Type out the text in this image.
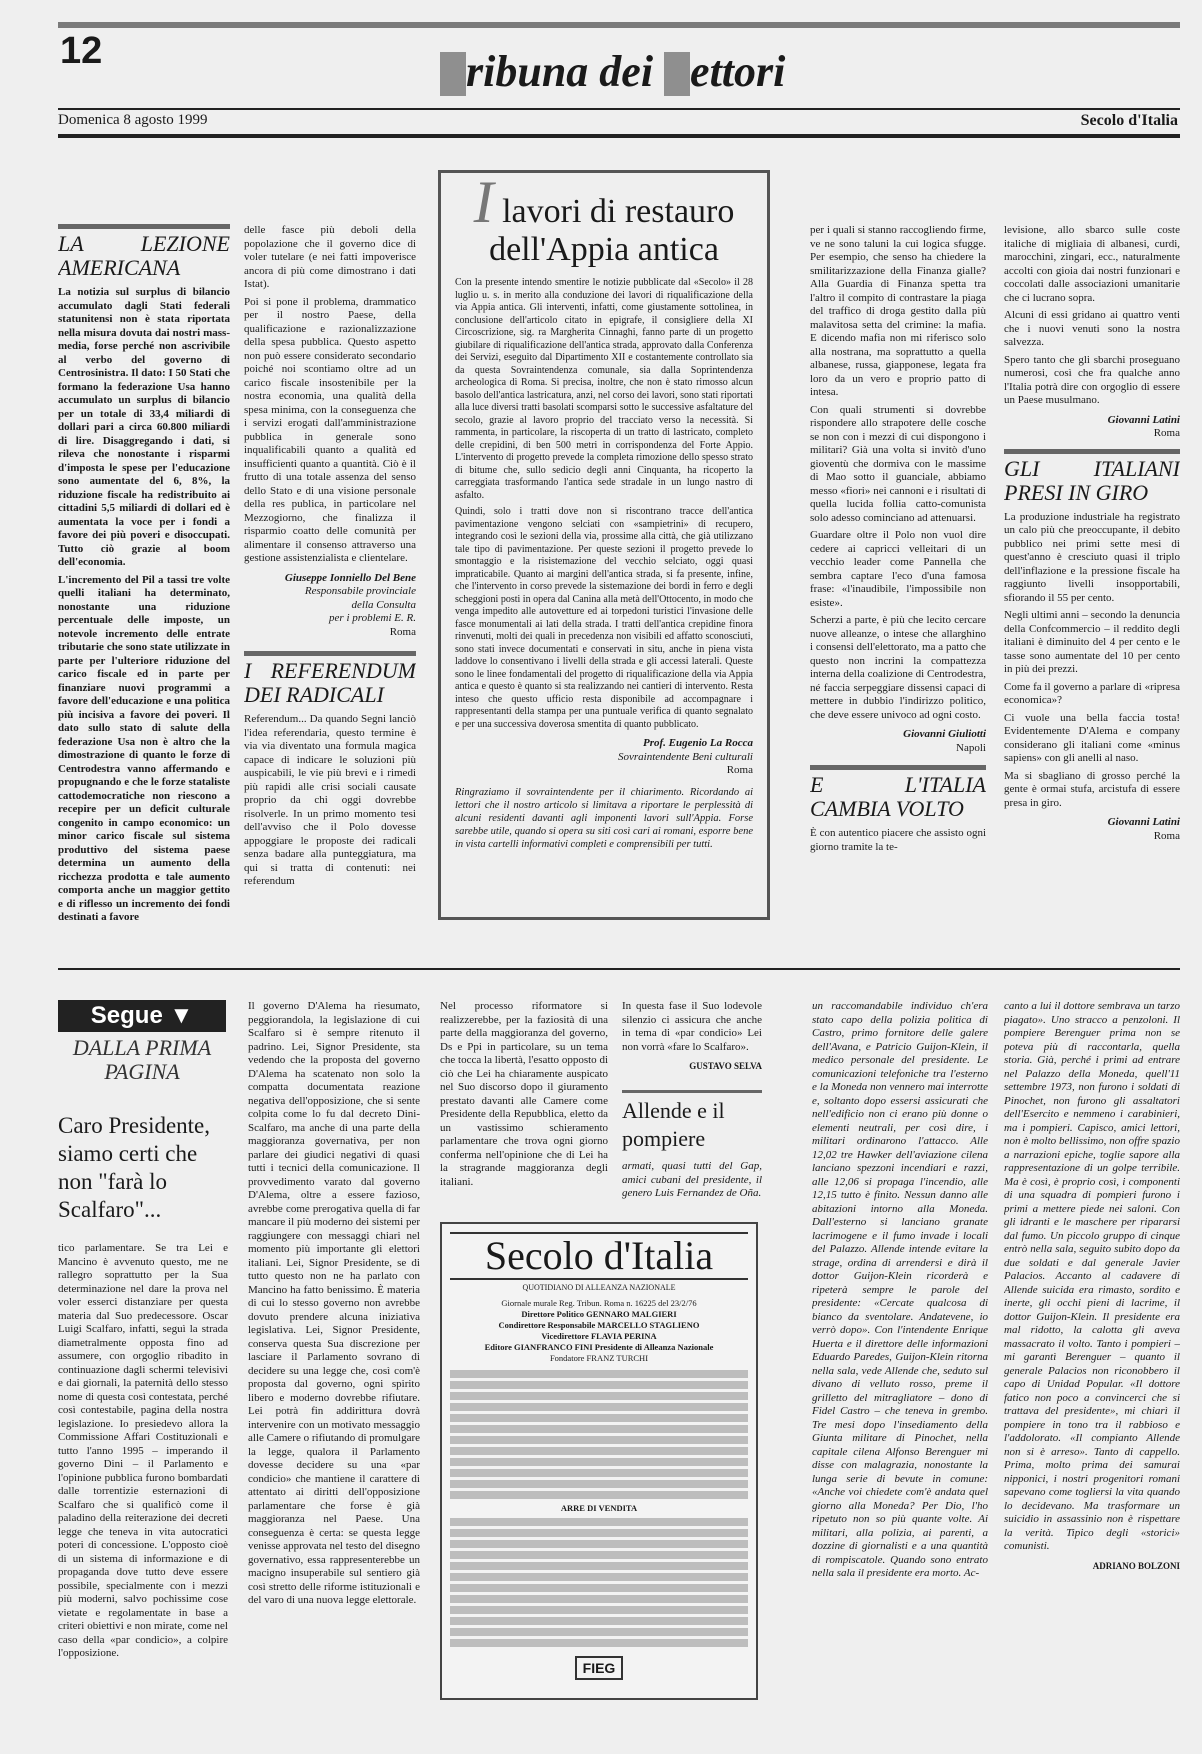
12	ribuna dei ettori
Domenica 8 agosto 1999	Secolo d'Italia
LA LEZIONE AMERICANA

La notizia sul surplus di bilancio accumulato dagli Stati federali statunitensi non è stata riportata nella misura dovuta dai nostri mass-media, forse perché non ascrivibile al verbo del governo di Centrosinistra. Il dato: I 50 Stati che formano la federazione Usa hanno accumulato un surplus di bilancio per un totale di 33,4 miliardi di dollari pari a circa 60.800 miliardi di lire. Disaggregando i dati, si rileva che nonostante i risparmi d'imposta le spese per l'educazione sono aumentate del 6, 8%, la riduzione fiscale ha redistribuito ai cittadini 5,5 miliardi di dollari ed è aumentata la voce per i fondi a favore dei più poveri e disoccupati. Tutto ciò grazie al boom dell'economia.

L'incremento del Pil a tassi tre volte quelli italiani ha determinato, nonostante una riduzione percentuale delle imposte, un notevole incremento delle entrate tributarie che sono state utilizzate in parte per l'ulteriore riduzione del carico fiscale ed in parte per finanziare nuovi programmi a favore dell'educazione e una politica più incisiva a favore dei poveri. Il dato sullo stato di salute della federazione Usa non è altro che la dimostrazione di quanto le forze di Centrodestra vanno affermando e propugnando e che le forze stataliste cattodemocratiche non riescono a recepire per un deficit culturale congenito in campo economico: un minor carico fiscale sul sistema produttivo del sistema paese determina un aumento della ricchezza prodotta e tale aumento comporta anche un maggior gettito e di riflesso un incremento dei fondi destinati a favore

delle fasce più deboli della popolazione che il governo dice di voler tutelare (e nei fatti impoverisce ancora di più come dimostrano i dati Istat).

Poi si pone il problema, drammatico per il nostro Paese, della qualificazione e razionalizzazione della spesa pubblica. Questo aspetto non può essere considerato secondario poiché noi scontiamo oltre ad un carico fiscale insostenibile per la nostra economia, una qualità della spesa minima, con la conseguenza che i servizi erogati dall'amministrazione pubblica in generale sono inqualificabili quanto a qualità ed insufficienti quanto a quantità. Ciò è il frutto di una totale assenza del senso dello Stato e di una visione personale della res publica, in particolare nel Mezzogiorno, che finalizza il risparmio coatto delle comunità per alimentare il consenso attraverso una gestione assistenzialista e clientelare.

Giuseppe Ionniello Del Bene
Responsabile provinciale
della Consulta
per i problemi E. R.
Roma
I REFERENDUM DEI RADICALI

Referendum... Da quando Segni lanciò l'idea referendaria, questo termine è via via diventato una formula magica capace di indicare le soluzioni più auspicabili, le vie più brevi e i rimedi più rapidi alle crisi sociali causate proprio da chi oggi dovrebbe risolverle. In un primo momento tesi dell'avviso che il Polo dovesse appoggiare le proposte dei radicali senza badare alla punteggiatura, ma qui si tratta di contenuti: nei referendum

I lavori di restauro
dell'Appia antica

Con la presente intendo smentire le notizie pubblicate dal «Secolo» il 28 luglio u. s. in merito alla conduzione dei lavori di riqualificazione della via Appia antica. Gli interventi, infatti, come giustamente sottolinea, in conclusione dell'articolo citato in epigrafe, il consigliere della XI Circoscrizione, sig. ra Margherita Cinnaghi, fanno parte di un progetto giubilare di riqualificazione dell'antica strada, approvato dalla Conferenza dei Servizi, eseguito dal Dipartimento XII e costantemente controllato sia da questa Sovraintendenza comunale, sia dalla Soprintendenza archeologica di Roma. Si precisa, inoltre, che non è stato rimosso alcun basolo dell'antica lastricatura, anzi, nel corso dei lavori, sono stati riportati alla luce diversi tratti basolati scomparsi sotto le successive asfaltature del secolo, grazie al lavoro proprio del tracciato verso la necessità. Si rammenta, in particolare, la riscoperta di un tratto di lastricato, completo delle crepidini, di ben 500 metri in corrispondenza del Forte Appio. L'intervento di progetto prevede la completa rimozione dello spesso strato di bitume che, sullo sedicio degli anni Cinquanta, ha ricoperto la carreggiata trasformando l'antica sede stradale in un lungo nastro di asfalto.

Quindi, solo i tratti dove non si riscontrano tracce dell'antica pavimentazione vengono selciati con «sampietrini» di recupero, integrando così le sezioni della via, prossime alla città, che già utilizzano tale tipo di pavimentazione. Per queste sezioni il progetto prevede lo smontaggio e la risistemazione del vecchio selciato, oggi quasi impraticabile. Quanto ai margini dell'antica strada, si fa presente, infine, che l'intervento in corso prevede la sistemazione dei bordi in ferro e degli scheggioni posti in opera dal Canina alla metà dell'Ottocento, in modo che venga impedito alle autovetture ed ai torpedoni turistici l'invasione delle fasce monumentali ai lati della strada. I tratti dell'antica crepidine finora rinvenuti, molti dei quali in precedenza non visibili ed affatto sconosciuti, sono stati invece documentati e conservati in situ, anche in piena vista laddove lo consentivano i livelli della strada e gli accessi laterali. Queste sono le linee fondamentali del progetto di riqualificazione della via Appia antica e questo è quanto si sta realizzando nei cantieri di intervento. Resta inteso che questo ufficio resta disponibile ad accompagnare i rappresentanti della stampa per una puntuale verifica di quanto segnalato e per una successiva doverosa smentita di quanto pubblicato.

Prof. Eugenio La Rocca
Sovraintendente Beni culturali
Roma
Ringraziamo il sovraintendente per il chiarimento. Ricordando ai lettori che il nostro articolo si limitava a riportare le perplessità di alcuni residenti davanti agli imponenti lavori sull'Appia. Forse sarebbe utile, quando si opera su siti così cari ai romani, esporre bene in vista cartelli informativi completi e comprensibili per tutti.

per i quali si stanno raccogliendo firme, ve ne sono taluni la cui logica sfugge. Per esempio, che senso ha chiedere la smilitarizzazione della Finanza gialle? Alla Guardia di Finanza spetta tra l'altro il compito di contrastare la piaga del traffico di droga gestito dalla più malavitosa setta del crimine: la mafia. E dicendo mafia non mi riferisco solo alla nostrana, ma soprattutto a quella albanese, russa, giapponese, legata fra loro da un vero e proprio patto di intesa.

Con quali strumenti si dovrebbe rispondere allo strapotere delle cosche se non con i mezzi di cui dispongono i militari? Già una volta si invitò d'uno gioventù che dormiva con le massime di Mao sotto il guanciale, abbiamo messo «fiori» nei cannoni e i risultati di quella lucida follia catto-comunista solo adesso cominciano ad attenuarsi.

Guardare oltre il Polo non vuol dire cedere ai capricci velleitari di un vecchio leader come Pannella che sembra captare l'eco d'una famosa frase: «l'inaudibile, l'impossibile non esiste».

Scherzi a parte, è più che lecito cercare nuove alleanze, o intese che allarghino i consensi dell'elettorato, ma a patto che questo non incrini la compattezza interna della coalizione di Centrodestra, né faccia serpeggiare dissensi capaci di mettere in dubbio l'indirizzo politico, che deve essere univoco ad ogni costo.

Giovanni Giuliotti
Napoli
E L'ITALIA CAMBIA VOLTO

È con autentico piacere che assisto ogni giorno tramite la te-

levisione, allo sbarco sulle coste italiche di migliaia di albanesi, curdi, marocchini, zingari, ecc., naturalmente accolti con gioia dai nostri funzionari e coccolati dalle associazioni umanitarie che ci lucrano sopra.

Alcuni di essi gridano ai quattro venti che i nuovi venuti sono la nostra salvezza.

Spero tanto che gli sbarchi proseguano numerosi, così che fra qualche anno l'Italia potrà dire con orgoglio di essere un Paese musulmano.

Giovanni Latini
Roma
GLI ITALIANI PRESI IN GIRO

La produzione industriale ha registrato un calo più che preoccupante, il debito pubblico nei primi sette mesi di quest'anno è cresciuto quasi il triplo dell'inflazione e la pressione fiscale ha raggiunto livelli insopportabili, sfiorando il 55 per cento.

Negli ultimi anni – secondo la denuncia della Confcommercio – il reddito degli italiani è diminuito del 4 per cento e le tasse sono aumentate del 10 per cento in più dei prezzi.

Come fa il governo a parlare di «ripresa economica»?

Ci vuole una bella faccia tosta! Evidentemente D'Alema e company considerano gli italiani come «minus sapiens» con gli anelli al naso.

Ma si sbagliano di grosso perché la gente è ormai stufa, arcistufa di essere presa in giro.

Giovanni Latini
Roma
Segue ▼
DALLA PRIMA PAGINA
Caro Presidente, siamo certi che non "farà lo Scalfaro"...

tico parlamentare. Se tra Lei e Mancino è avvenuto questo, me ne rallegro soprattutto per la Sua determinazione nel dare la prova nel voler esserci distanziare per questa materia dal Suo predecessore. Oscar Luigi Scalfaro, infatti, seguì la strada diametralmente opposta fino ad assumere, con orgoglio ribadito in continuazione dagli schermi televisivi e dai giornali, la paternità dello stesso nome di questa così contestata, perché così contestabile, pagina della nostra legislazione. Io presiedevo allora la Commissione Affari Costituzionali e tutto l'anno 1995 – imperando il governo Dini – il Parlamento e l'opinione pubblica furono bombardati dalle torrentizie esternazioni di Scalfaro che si qualificò come il paladino della reiterazione dei decreti legge che teneva in vita autocratici poteri di concessione. L'opposto cioè di un sistema di informazione e di propaganda dove tutto deve essere possibile, specialmente con i mezzi più moderni, salvo pochissime cose vietate e regolamentate in base a criteri obiettivi e non mirate, come nel caso della «par condicio», a colpire l'opposizione.

Il governo D'Alema ha riesumato, peggiorandola, la legislazione di cui Scalfaro si è sempre ritenuto il padrino. Lei, Signor Presidente, sta vedendo che la proposta del governo D'Alema ha scatenato non solo la compatta documentata reazione negativa dell'opposizione, che si sente colpita come lo fu dal decreto Dini-Scalfaro, ma anche di una parte della maggioranza governativa, per non parlare dei giudici negativi di quasi tutti i tecnici della comunicazione. Il provvedimento varato dal governo D'Alema, oltre a essere fazioso, avrebbe come prerogativa quella di far mancare il più moderno dei sistemi per raggiungere con messaggi chiari nel momento più importante gli elettori italiani. Lei, Signor Presidente, se di tutto questo non ne ha parlato con Mancino ha fatto benissimo. È materia di cui lo stesso governo non avrebbe dovuto prendere alcuna iniziativa legislativa. Lei, Signor Presidente, conserva questa Sua discrezione per lasciare il Parlamento sovrano di decidere su una legge che, così com'è proposta dal governo, ogni spirito libero e moderno dovrebbe rifiutare. Lei potrà fin addirittura dovrà intervenire con un motivato messaggio alle Camere o rifiutando di promulgare la legge, qualora il Parlamento dovesse decidere su una «par condicio» che mantiene il carattere di attentato ai diritti dell'opposizione parlamentare che forse è già maggioranza nel Paese. Una conseguenza è certa: se questa legge venisse approvata nel testo del disegno governativo, essa rappresenterebbe un macigno insuperabile sul sentiero già così stretto delle riforme istituzionali e del varo di una nuova legge elettorale.

Nel processo riformatore si realizzerebbe, per la faziosità di una parte della maggioranza del governo, Ds e Ppi in particolare, su un tema che tocca la libertà, l'esatto opposto di ciò che Lei ha chiaramente auspicato nel Suo discorso dopo il giuramento prestato davanti alle Camere come Presidente della Repubblica, eletto da un vastissimo schieramento parlamentare che trova ogni giorno conferma nell'opinione che di Lei ha la stragrande maggioranza degli italiani.

In questa fase il Suo lodevole silenzio ci assicura che anche in tema di «par condicio» Lei non vorrà «fare lo Scalfaro».

GUSTAVO SELVA
Allende e il pompiere

armati, quasi tutti del Gap, amici cubani del presidente, il genero Luis Fernandez de Oña.

Secolo d'Italia
QUOTIDIANO DI ALLEANZA NAZIONALE
Giornale murale Reg. Tribun. Roma n. 16225 del 23/2/76
Direttore Politico GENNARO MALGIERI
Condirettore Responsabile MARCELLO STAGLIENO
Vicedirettore FLAVIA PERINA
Editore GIANFRANCO FINI Presidente di Alleanza Nazionale
Fondatore FRANZ TURCHI
ARRE DI VENDITA
FIEG

un raccomandabile individuo ch'era stato capo della polizia politica di Castro, primo fornitore delle galere dell'Avana, e Patricio Guijon-Klein, il medico personale del presidente. Le comunicazioni telefoniche tra l'esterno e la Moneda non vennero mai interrotte e, soltanto dopo essersi assicurati che nell'edificio non ci erano più donne o elementi neutrali, per così dire, i militari ordinarono l'attacco. Alle 12,02 tre Hawker dell'aviazione cilena lanciano spezzoni incendiari e razzi, alle 12,06 si propaga l'incendio, alle 12,15 tutto è finito. Nessun danno alle abitazioni intorno alla Moneda. Dall'esterno si lanciano granate lacrimogene e il fumo invade i locali del Palazzo. Allende intende evitare la strage, ordina di arrendersi e dirà il dottor Guijon-Klein ricorderà e ripeterà sempre le parole del presidente: «Cercate qualcosa di bianco da sventolare. Andatevene, io verrò dopo». Con l'intendente Enrique Huerta e il direttore delle informazioni Eduardo Paredes, Guijon-Klein ritorna nella sala, vede Allende che, seduto sul divano di velluto rosso, preme il grilletto del mitragliatore – dono di Fidel Castro – che teneva in grembo. Tre mesi dopo l'insediamento della Giunta militare di Pinochet, nella capitale cilena Alfonso Berenguer mi disse con malagrazia, nonostante la lunga serie di bevute in comune: «Anche voi chiedete com'è andata quel giorno alla Moneda? Per Dio, l'ho ripetuto non so più quante volte. Ai militari, alla polizia, ai parenti, a dozzine di giornalisti e a una quantità di rompiscatole. Quando sono entrato nella sala il presidente era morto. Ac-

canto a lui il dottore sembrava un tarzo piagato». Uno stracco a penzoloni. Il pompiere Berenguer prima non se poteva più di raccontarla, quella storia. Già, perché i primi ad entrare nel Palazzo della Moneda, quell'11 settembre 1973, non furono i soldati di Pinochet, non furono gli assaltatori dell'Esercito e nemmeno i carabinieri, ma i pompieri. Capisco, amici lettori, non è molto bellissimo, non offre spazio a narrazioni epiche, toglie sapore alla rappresentazione di un golpe terribile. Ma è così, è proprio così, i componenti di una squadra di pompieri furono i primi a mettere piede nei saloni. Con gli idranti e le maschere per ripararsi dal fumo. Un piccolo gruppo di cinque entrò nella sala, seguito subito dopo da due soldati e dal generale Javier Palacios. Accanto al cadavere di Allende suicida era rimasto, sordito e inerte, gli occhi pieni di lacrime, il dottor Guijon-Klein. Il presidente era mal ridotto, la calotta gli aveva massacrato il volto. Tanto i pompieri – mi garantì Berenguer – quanto il generale Palacios non riconobbero il capo di Unidad Popular. «Il dottore fatico non poco a convincerci che si trattava del presidente», mi chiarì il pompiere in tono tra il rabbioso e l'addolorato. «Il compianto Allende non si è arreso». Tanto di cappello. Prima, molto prima dei samurai nipponici, i nostri progenitori romani sapevano come togliersi la vita quando lo decidevano. Ma trasformare un suicidio in assassinio non è rispettare la verità. Tipico degli «storici» comunisti.

ADRIANO BOLZONI
